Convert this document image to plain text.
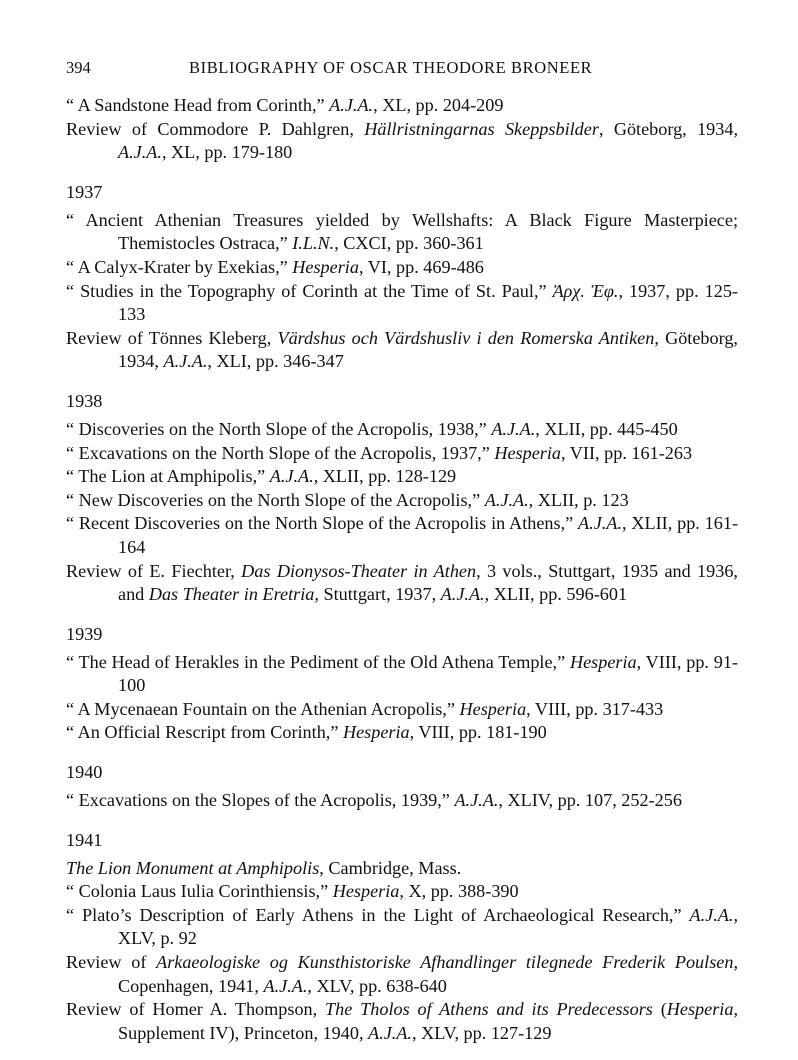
394	BIBLIOGRAPHY OF OSCAR THEODORE BRONEER
“ A Sandstone Head from Corinth,” A.J.A., XL, pp. 204-209
Review of Commodore P. Dahlgren, Hällristningarnas Skeppsbilder, Göteborg, 1934, A.J.A., XL, pp. 179-180
1937
“ Ancient Athenian Treasures yielded by Wellshafts: A Black Figure Masterpiece; Themistocles Ostraca,” I.L.N., CXCI, pp. 360-361
“ A Calyx-Krater by Exekias,” Hesperia, VI, pp. 469-486
“ Studies in the Topography of Corinth at the Time of St. Paul,” Ἀρχ. Ἐφ., 1937, pp. 125-133
Review of Tönnes Kleberg, Värdshus och Värdshusliv i den Romerska Antiken, Göteborg, 1934, A.J.A., XLI, pp. 346-347
1938
“ Discoveries on the North Slope of the Acropolis, 1938,” A.J.A., XLII, pp. 445-450
“ Excavations on the North Slope of the Acropolis, 1937,” Hesperia, VII, pp. 161-263
“ The Lion at Amphipolis,” A.J.A., XLII, pp. 128-129
“ New Discoveries on the North Slope of the Acropolis,” A.J.A., XLII, p. 123
“ Recent Discoveries on the North Slope of the Acropolis in Athens,” A.J.A., XLII, pp. 161-164
Review of E. Fiechter, Das Dionysos-Theater in Athen, 3 vols., Stuttgart, 1935 and 1936, and Das Theater in Eretria, Stuttgart, 1937, A.J.A., XLII, pp. 596-601
1939
“ The Head of Herakles in the Pediment of the Old Athena Temple,” Hesperia, VIII, pp. 91-100
“ A Mycenaean Fountain on the Athenian Acropolis,” Hesperia, VIII, pp. 317-433
“ An Official Rescript from Corinth,” Hesperia, VIII, pp. 181-190
1940
“ Excavations on the Slopes of the Acropolis, 1939,” A.J.A., XLIV, pp. 107, 252-256
1941
The Lion Monument at Amphipolis, Cambridge, Mass.
“ Colonia Laus Iulia Corinthiensis,” Hesperia, X, pp. 388-390
“ Plato’s Description of Early Athens in the Light of Archaeological Research,” A.J.A., XLV, p. 92
Review of Arkaeologiske og Kunsthistoriske Afhandlinger tilegnede Frederik Poulsen, Copenhagen, 1941, A.J.A., XLV, pp. 638-640
Review of Homer A. Thompson, The Tholos of Athens and its Predecessors (Hesperia, Supplement IV), Princeton, 1940, A.J.A., XLV, pp. 127-129
